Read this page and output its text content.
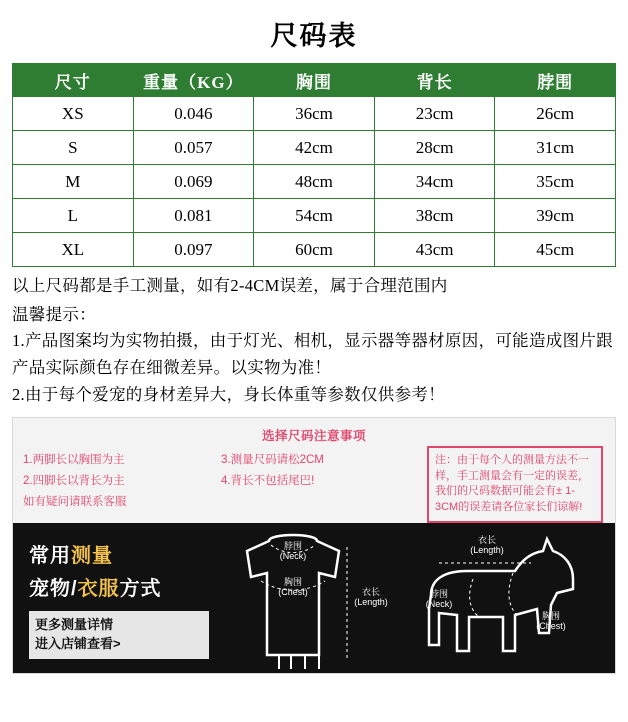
尺码表
尺寸	重量（KG）	胸围	背长	脖围
XS	0.046	36cm	23cm	26cm
S	0.057	42cm	28cm	31cm
M	0.069	48cm	34cm	35cm
L	0.081	54cm	38cm	39cm
XL	0.097	60cm	43cm	45cm
以上尺码都是手工测量，如有2-4CM误差，属于合理范围内
温馨提示：
1.产品图案均为实物拍摄，由于灯光、相机，显示器等器材原因，可能造成图片跟产品实际颜色存在细微差异。以实物为准！
2.由于每个爱宠的身材差异大，身长体重等参数仅供参考！
选择尺码注意事项
1.两脚长以胸围为主
2.四脚长以背长为主
如有疑问请联系客服
3.测量尺码请松2CM
4.背长不包括尾巴!
注：由于每个人的测量方法不一样，手工测量会有一定的误差，我们的尺码数据可能会有± 1-3CM的误差请各位家长们谅解!
常用测量
宠物/衣服方式
更多测量详情
进入店铺查看>
脖围
(Neck)
胸围
(Chest)	衣长
(Length)
衣长
(Length)
脖围
(Neck)
胸围
(Chest)
